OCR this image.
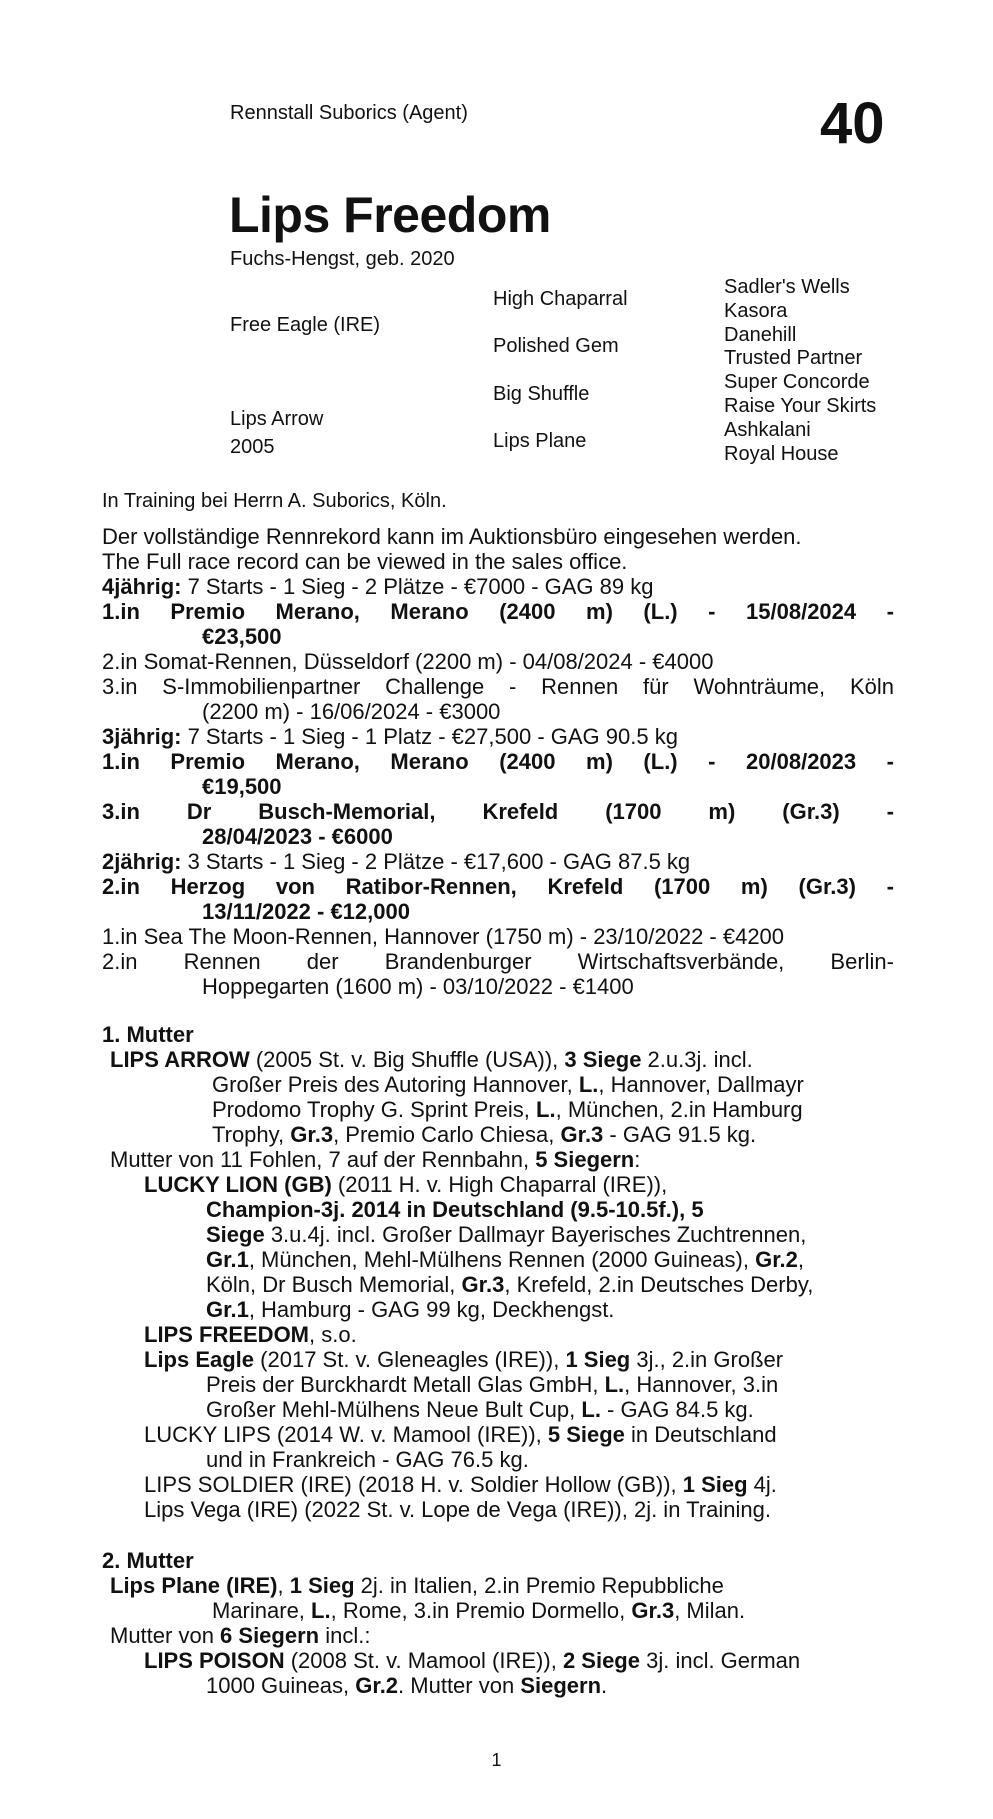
Rennstall Suborics (Agent)	40
Lips Freedom
Fuchs-Hengst, geb. 2020
Free Eagle (IRE)
Lips Arrow
2005
High Chaparral
Polished Gem
Big Shuffle
Lips Plane
Sadler's Wells
Kasora
Danehill
Trusted Partner
Super Concorde
Raise Your Skirts
Ashkalani
Royal House
In Training bei Herrn A. Suborics, Köln.
Der vollständige Rennrekord kann im Auktionsbüro eingesehen werden.
The Full race record can be viewed in the sales office.
4jährig: 7 Starts - 1 Sieg - 2 Plätze - €7000 - GAG 89 kg
1.in Premio Merano, Merano (2400 m) (L.) - 15/08/2024 -
€23,500
2.in Somat-Rennen, Düsseldorf (2200 m) - 04/08/2024 - €4000
3.in S-Immobilienpartner Challenge - Rennen für Wohnträume, Köln
(2200 m) - 16/06/2024 - €3000
3jährig: 7 Starts - 1 Sieg - 1 Platz - €27,500 - GAG 90.5 kg
1.in Premio Merano, Merano (2400 m) (L.) - 20/08/2023 -
€19,500
3.in Dr Busch-Memorial, Krefeld (1700 m) (Gr.3) -
28/04/2023 - €6000
2jährig: 3 Starts - 1 Sieg - 2 Plätze - €17,600 - GAG 87.5 kg
2.in Herzog von Ratibor-Rennen, Krefeld (1700 m) (Gr.3) -
13/11/2022 - €12,000
1.in Sea The Moon-Rennen, Hannover (1750 m) - 23/10/2022 - €4200
2.in Rennen der Brandenburger Wirtschaftsverbände, Berlin-
Hoppegarten (1600 m) - 03/10/2022 - €1400
1. Mutter
LIPS ARROW (2005 St. v. Big Shuffle (USA)), 3 Siege 2.u.3j. incl.
Großer Preis des Autoring Hannover, L., Hannover, Dallmayr
Prodomo Trophy G. Sprint Preis, L., München, 2.in Hamburg
Trophy, Gr.3, Premio Carlo Chiesa, Gr.3 - GAG 91.5 kg.
Mutter von 11 Fohlen, 7 auf der Rennbahn, 5 Siegern:
LUCKY LION (GB) (2011 H. v. High Chaparral (IRE)),
Champion-3j. 2014 in Deutschland (9.5-10.5f.), 5
Siege 3.u.4j. incl. Großer Dallmayr Bayerisches Zuchtrennen,
Gr.1, München, Mehl-Mülhens Rennen (2000 Guineas), Gr.2,
Köln, Dr Busch Memorial, Gr.3, Krefeld, 2.in Deutsches Derby,
Gr.1, Hamburg - GAG 99 kg, Deckhengst.
LIPS FREEDOM, s.o.
Lips Eagle (2017 St. v. Gleneagles (IRE)), 1 Sieg 3j., 2.in Großer
Preis der Burckhardt Metall Glas GmbH, L., Hannover, 3.in
Großer Mehl-Mülhens Neue Bult Cup, L. - GAG 84.5 kg.
LUCKY LIPS (2014 W. v. Mamool (IRE)), 5 Siege in Deutschland
und in Frankreich - GAG 76.5 kg.
LIPS SOLDIER (IRE) (2018 H. v. Soldier Hollow (GB)), 1 Sieg 4j.
Lips Vega (IRE) (2022 St. v. Lope de Vega (IRE)), 2j. in Training.
2. Mutter
Lips Plane (IRE), 1 Sieg 2j. in Italien, 2.in Premio Repubbliche
Marinare, L., Rome, 3.in Premio Dormello, Gr.3, Milan.
Mutter von 6 Siegern incl.:
LIPS POISON (2008 St. v. Mamool (IRE)), 2 Siege 3j. incl. German
1000 Guineas, Gr.2. Mutter von Siegern.
1
